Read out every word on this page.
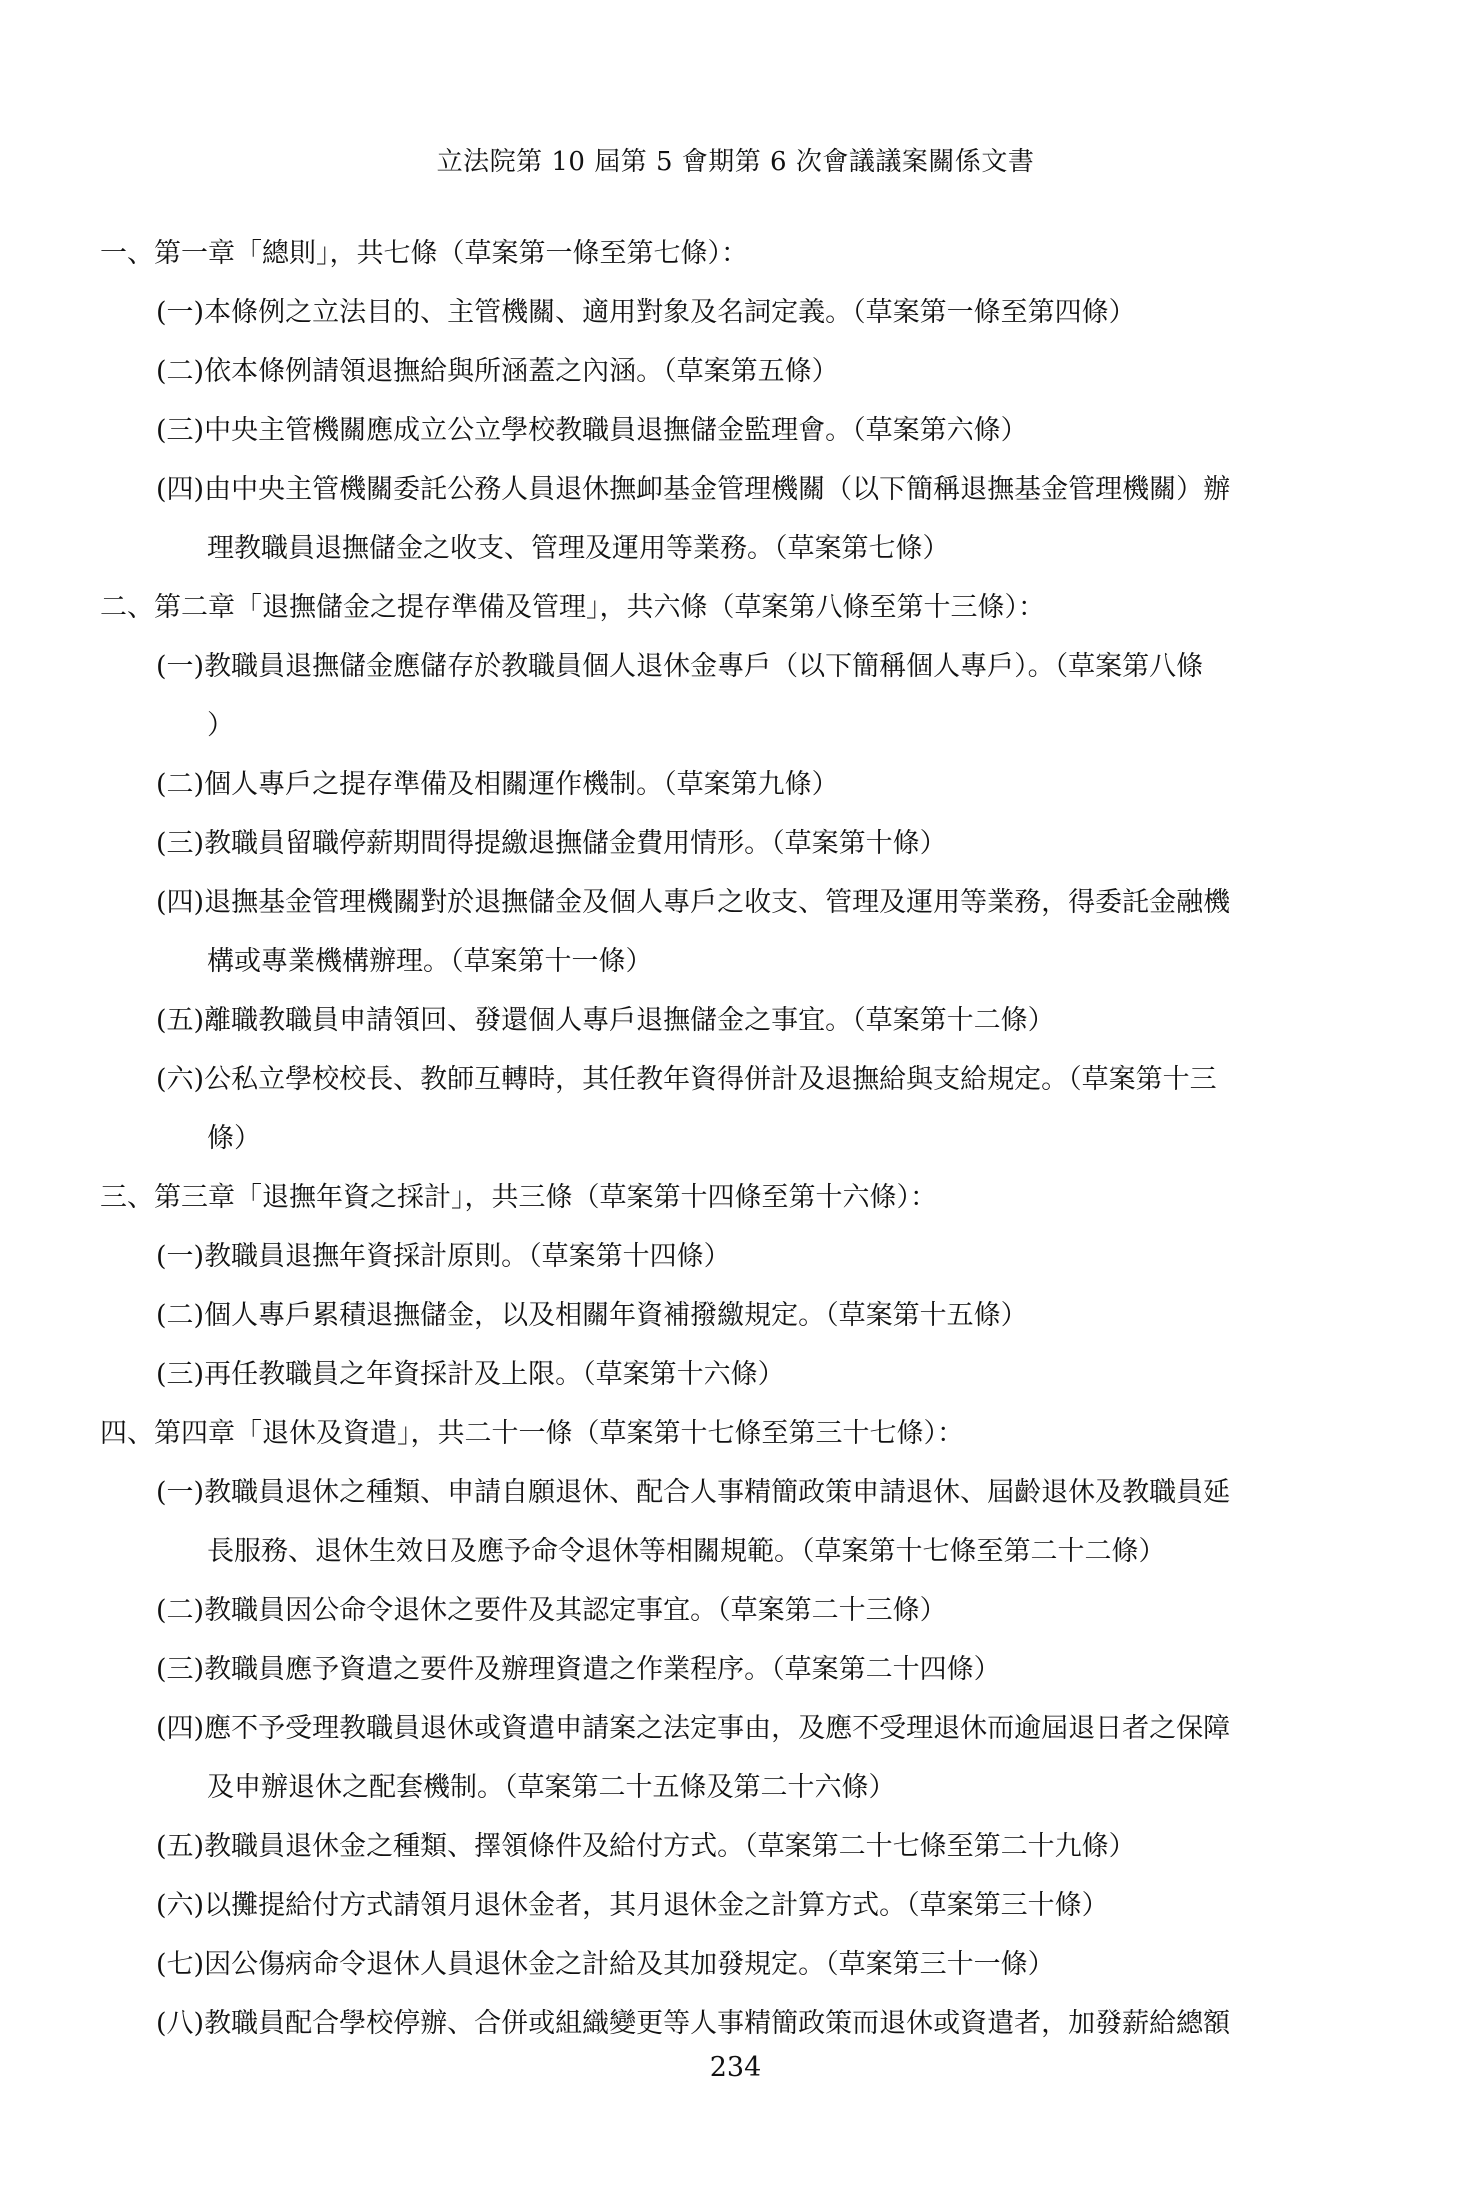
立法院第 10 屆第 5 會期第 6 次會議議案關係文書
一、第一章「總則」，共七條（草案第一條至第七條）：
(一)本條例之立法目的、主管機關、適用對象及名詞定義。（草案第一條至第四條）
(二)依本條例請領退撫給與所涵蓋之內涵。（草案第五條）
(三)中央主管機關應成立公立學校教職員退撫儲金監理會。（草案第六條）
(四)由中央主管機關委託公務人員退休撫卹基金管理機關（以下簡稱退撫基金管理機關）辦
理教職員退撫儲金之收支、管理及運用等業務。（草案第七條）
二、第二章「退撫儲金之提存準備及管理」，共六條（草案第八條至第十三條）：
(一)教職員退撫儲金應儲存於教職員個人退休金專戶（以下簡稱個人專戶）。（草案第八條
）
(二)個人專戶之提存準備及相關運作機制。（草案第九條）
(三)教職員留職停薪期間得提繳退撫儲金費用情形。（草案第十條）
(四)退撫基金管理機關對於退撫儲金及個人專戶之收支、管理及運用等業務，得委託金融機
構或專業機構辦理。（草案第十一條）
(五)離職教職員申請領回、發還個人專戶退撫儲金之事宜。（草案第十二條）
(六)公私立學校校長、教師互轉時，其任教年資得併計及退撫給與支給規定。（草案第十三
條）
三、第三章「退撫年資之採計」，共三條（草案第十四條至第十六條）：
(一)教職員退撫年資採計原則。（草案第十四條）
(二)個人專戶累積退撫儲金，以及相關年資補撥繳規定。（草案第十五條）
(三)再任教職員之年資採計及上限。（草案第十六條）
四、第四章「退休及資遣」，共二十一條（草案第十七條至第三十七條）：
(一)教職員退休之種類、申請自願退休、配合人事精簡政策申請退休、屆齡退休及教職員延
長服務、退休生效日及應予命令退休等相關規範。（草案第十七條至第二十二條）
(二)教職員因公命令退休之要件及其認定事宜。（草案第二十三條）
(三)教職員應予資遣之要件及辦理資遣之作業程序。（草案第二十四條）
(四)應不予受理教職員退休或資遣申請案之法定事由，及應不受理退休而逾屆退日者之保障
及申辦退休之配套機制。（草案第二十五條及第二十六條）
(五)教職員退休金之種類、擇領條件及給付方式。（草案第二十七條至第二十九條）
(六)以攤提給付方式請領月退休金者，其月退休金之計算方式。（草案第三十條）
(七)因公傷病命令退休人員退休金之計給及其加發規定。（草案第三十一條）
(八)教職員配合學校停辦、合併或組織變更等人事精簡政策而退休或資遣者，加發薪給總額
234
